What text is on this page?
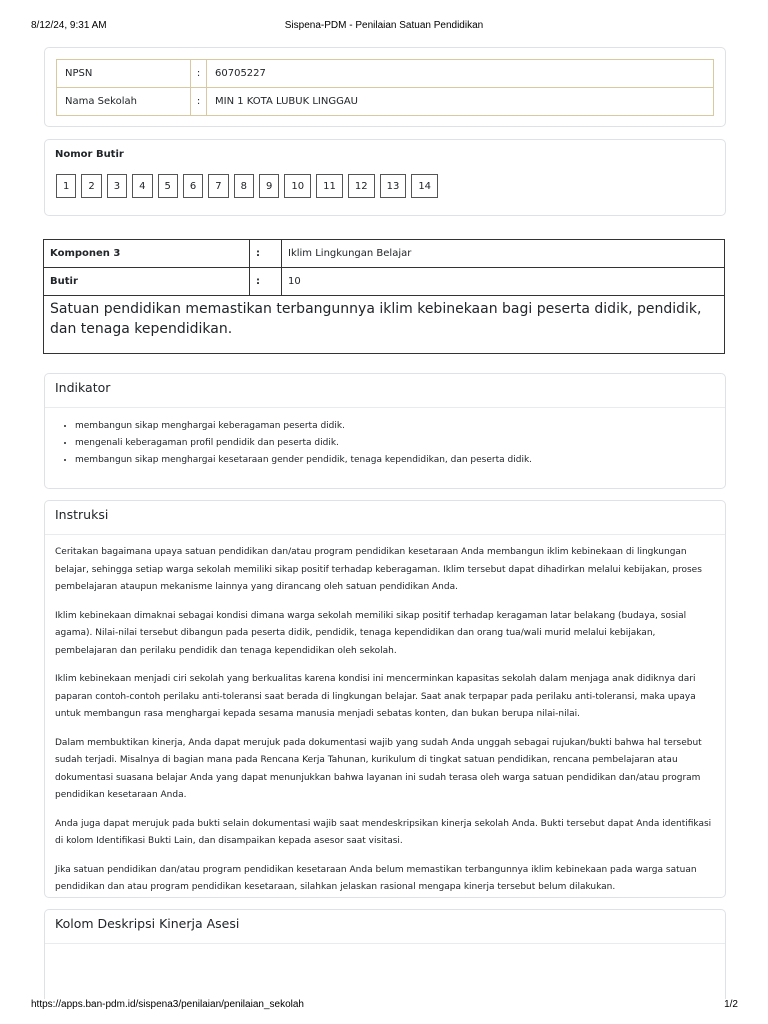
8/12/24, 9:31 AM	Sispena-PDM - Penilaian Satuan Pendidikan
NPSN	:	60705227
Nama Sekolah	:	MIN 1 KOTA LUBUK LINGGAU
Nomor Butir
1	2	3	4	5	6	7	8	9	10	11	12	13	14
Komponen 3	:	Iklim Lingkungan Belajar
Butir	:	10
Satuan pendidikan memastikan terbangunnya iklim kebinekaan bagi peserta didik, pendidik, dan tenaga kependidikan.		
Indikator
• membangun sikap menghargai keberagaman peserta didik.
• mengenali keberagaman profil pendidik dan peserta didik.
• membangun sikap menghargai kesetaraan gender pendidik, tenaga kependidikan, dan peserta didik.
Instruksi

Ceritakan bagaimana upaya satuan pendidikan dan/atau program pendidikan kesetaraan Anda membangun iklim kebinekaan di lingkungan belajar, sehingga setiap warga sekolah memiliki sikap positif terhadap keberagaman. Iklim tersebut dapat dihadirkan melalui kebijakan, proses pembelajaran ataupun mekanisme lainnya yang dirancang oleh satuan pendidikan Anda.

Iklim kebinekaan dimaknai sebagai kondisi dimana warga sekolah memiliki sikap positif terhadap keragaman latar belakang (budaya, sosial agama). Nilai-nilai tersebut dibangun pada peserta didik, pendidik, tenaga kependidikan dan orang tua/wali murid melalui kebijakan, pembelajaran dan perilaku pendidik dan tenaga kependidikan oleh sekolah.

Iklim kebinekaan menjadi ciri sekolah yang berkualitas karena kondisi ini mencerminkan kapasitas sekolah dalam menjaga anak didiknya dari paparan contoh-contoh perilaku anti-toleransi saat berada di lingkungan belajar. Saat anak terpapar pada perilaku anti-toleransi, maka upaya untuk membangun rasa menghargai kepada sesama manusia menjadi sebatas konten, dan bukan berupa nilai-nilai.

Dalam membuktikan kinerja, Anda dapat merujuk pada dokumentasi wajib yang sudah Anda unggah sebagai rujukan/bukti bahwa hal tersebut sudah terjadi. Misalnya di bagian mana pada Rencana Kerja Tahunan, kurikulum di tingkat satuan pendidikan, rencana pembelajaran atau dokumentasi suasana belajar Anda yang dapat menunjukkan bahwa layanan ini sudah terasa oleh warga satuan pendidikan dan/atau program pendidikan kesetaraan Anda.

Anda juga dapat merujuk pada bukti selain dokumentasi wajib saat mendeskripsikan kinerja sekolah Anda. Bukti tersebut dapat Anda identifikasi di kolom Identifikasi Bukti Lain, dan disampaikan kepada asesor saat visitasi.

Jika satuan pendidikan dan/atau program pendidikan kesetaraan Anda belum memastikan terbangunnya iklim kebinekaan pada warga satuan pendidikan dan atau program pendidikan kesetaraan, silahkan jelaskan rasional mengapa kinerja tersebut belum dilakukan.

Kolom Deskripsi Kinerja Asesi
https://apps.ban-pdm.id/sispena3/penilaian/penilaian_sekolah	1/2
